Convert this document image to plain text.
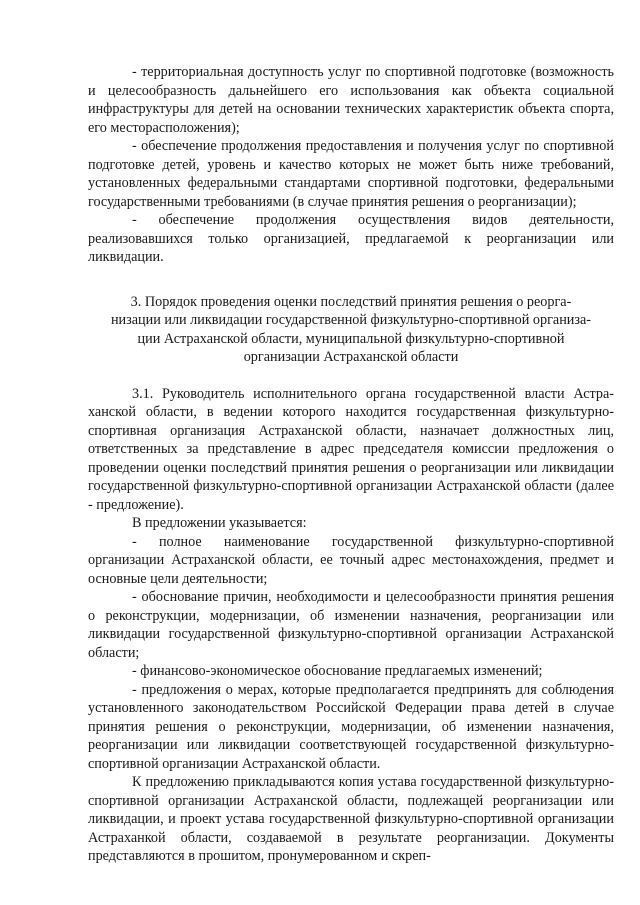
- территориальная доступность услуг по спортивной подготовке (возможность и целесообразность дальнейшего его использования как объекта социальной инфраструктуры для детей на основании технических характеристик объекта спорта, его месторасположения);

- обеспечение продолжения предоставления и получения услуг по спортивной подготовке детей, уровень и качество которых не может быть ниже требований, установленных федеральными стандартами спортивной подготовки, федеральными государственными требованиями (в случае принятия решения о реорганизации);

- обеспечение продолжения осуществления видов деятельности, реализовавшихся только организацией, предлагаемой к реорганизации или ликвидации.

3. Порядок проведения оценки последствий принятия решения о реорга-
низации или ликвидации государственной физкультурно-спортивной организа-
ции Астраханской области, муниципальной физкультурно-спортивной
организации Астраханской области

3.1. Руководитель исполнительного органа государственной власти Астра-ханской области, в ведении которого находится государственная физкультурно-спортивная организация Астраханской области, назначает должностных лиц, ответственных за представление в адрес председателя комиссии предложения о проведении оценки последствий принятия решения о реорганизации или ликвидации государственной физкультурно-спортивной организации Астраханской области (далее - предложение).

В предложении указывается:

- полное наименование государственной физкультурно-спортивной организации Астраханской области, ее точный адрес местонахождения, предмет и основные цели деятельности;

- обоснование причин, необходимости и целесообразности принятия решения о реконструкции, модернизации, об изменении назначения, реорганизации или ликвидации государственной физкультурно-спортивной организации Астраханской области;

- финансово-экономическое обоснование предлагаемых изменений;

- предложения о мерах, которые предполагается предпринять для соблюдения установленного законодательством Российской Федерации права детей в случае принятия решения о реконструкции, модернизации, об изменении назначения, реорганизации или ликвидации соответствующей государственной физкультурно-спортивной организации Астраханской области.

К предложению прикладываются копия устава государственной физкультурно-спортивной организации Астраханской области, подлежащей реорганизации или ликвидации, и проект устава государственной физкультурно-спортивной организации Астраханкой области, создаваемой в результате реорганизации. Документы представляются в прошитом, пронумерованном и скреп-
